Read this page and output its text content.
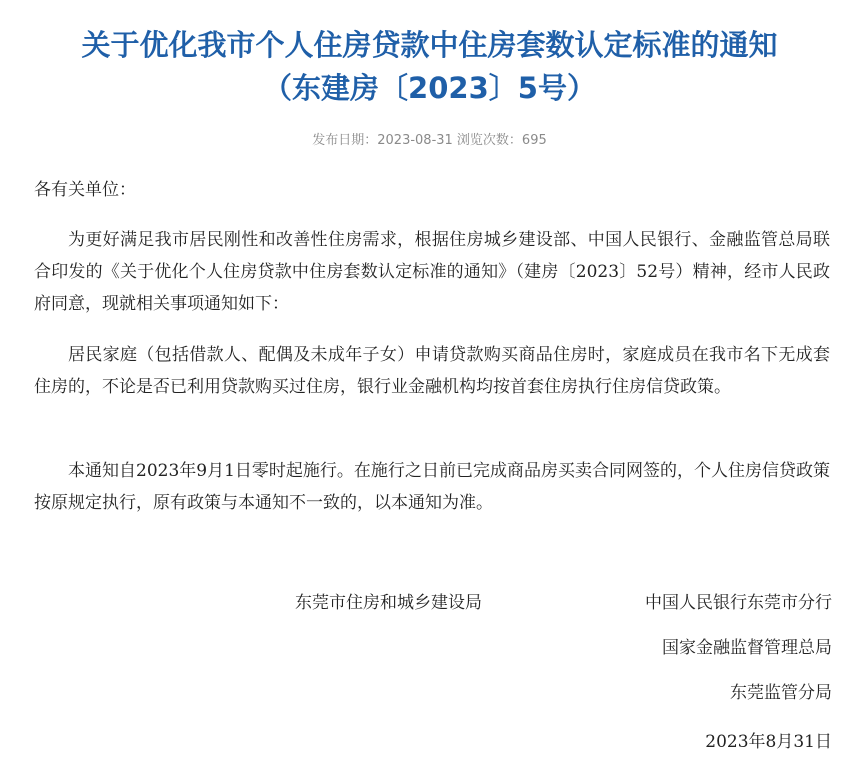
关于优化我市个人住房贷款中住房套数认定标准的通知
（东建房〔2023〕5号）
发布日期：2023-08-31 浏览次数：695
各有关单位：
为更好满足我市居民刚性和改善性住房需求，根据住房城乡建设部、中国人民银行、金融监管总局联合印发的《关于优化个人住房贷款中住房套数认定标准的通知》（建房〔2023〕52号）精神，经市人民政府同意，现就相关事项通知如下：
居民家庭（包括借款人、配偶及未成年子女）申请贷款购买商品住房时，家庭成员在我市名下无成套住房的，不论是否已利用贷款购买过住房，银行业金融机构均按首套住房执行住房信贷政策。
本通知自2023年9月1日零时起施行。在施行之日前已完成商品房买卖合同网签的，个人住房信贷政策按原规定执行，原有政策与本通知不一致的，以本通知为准。
东莞市住房和城乡建设局	中国人民银行东莞市分行
国家金融监督管理总局
东莞监管分局
2023年8月31日
